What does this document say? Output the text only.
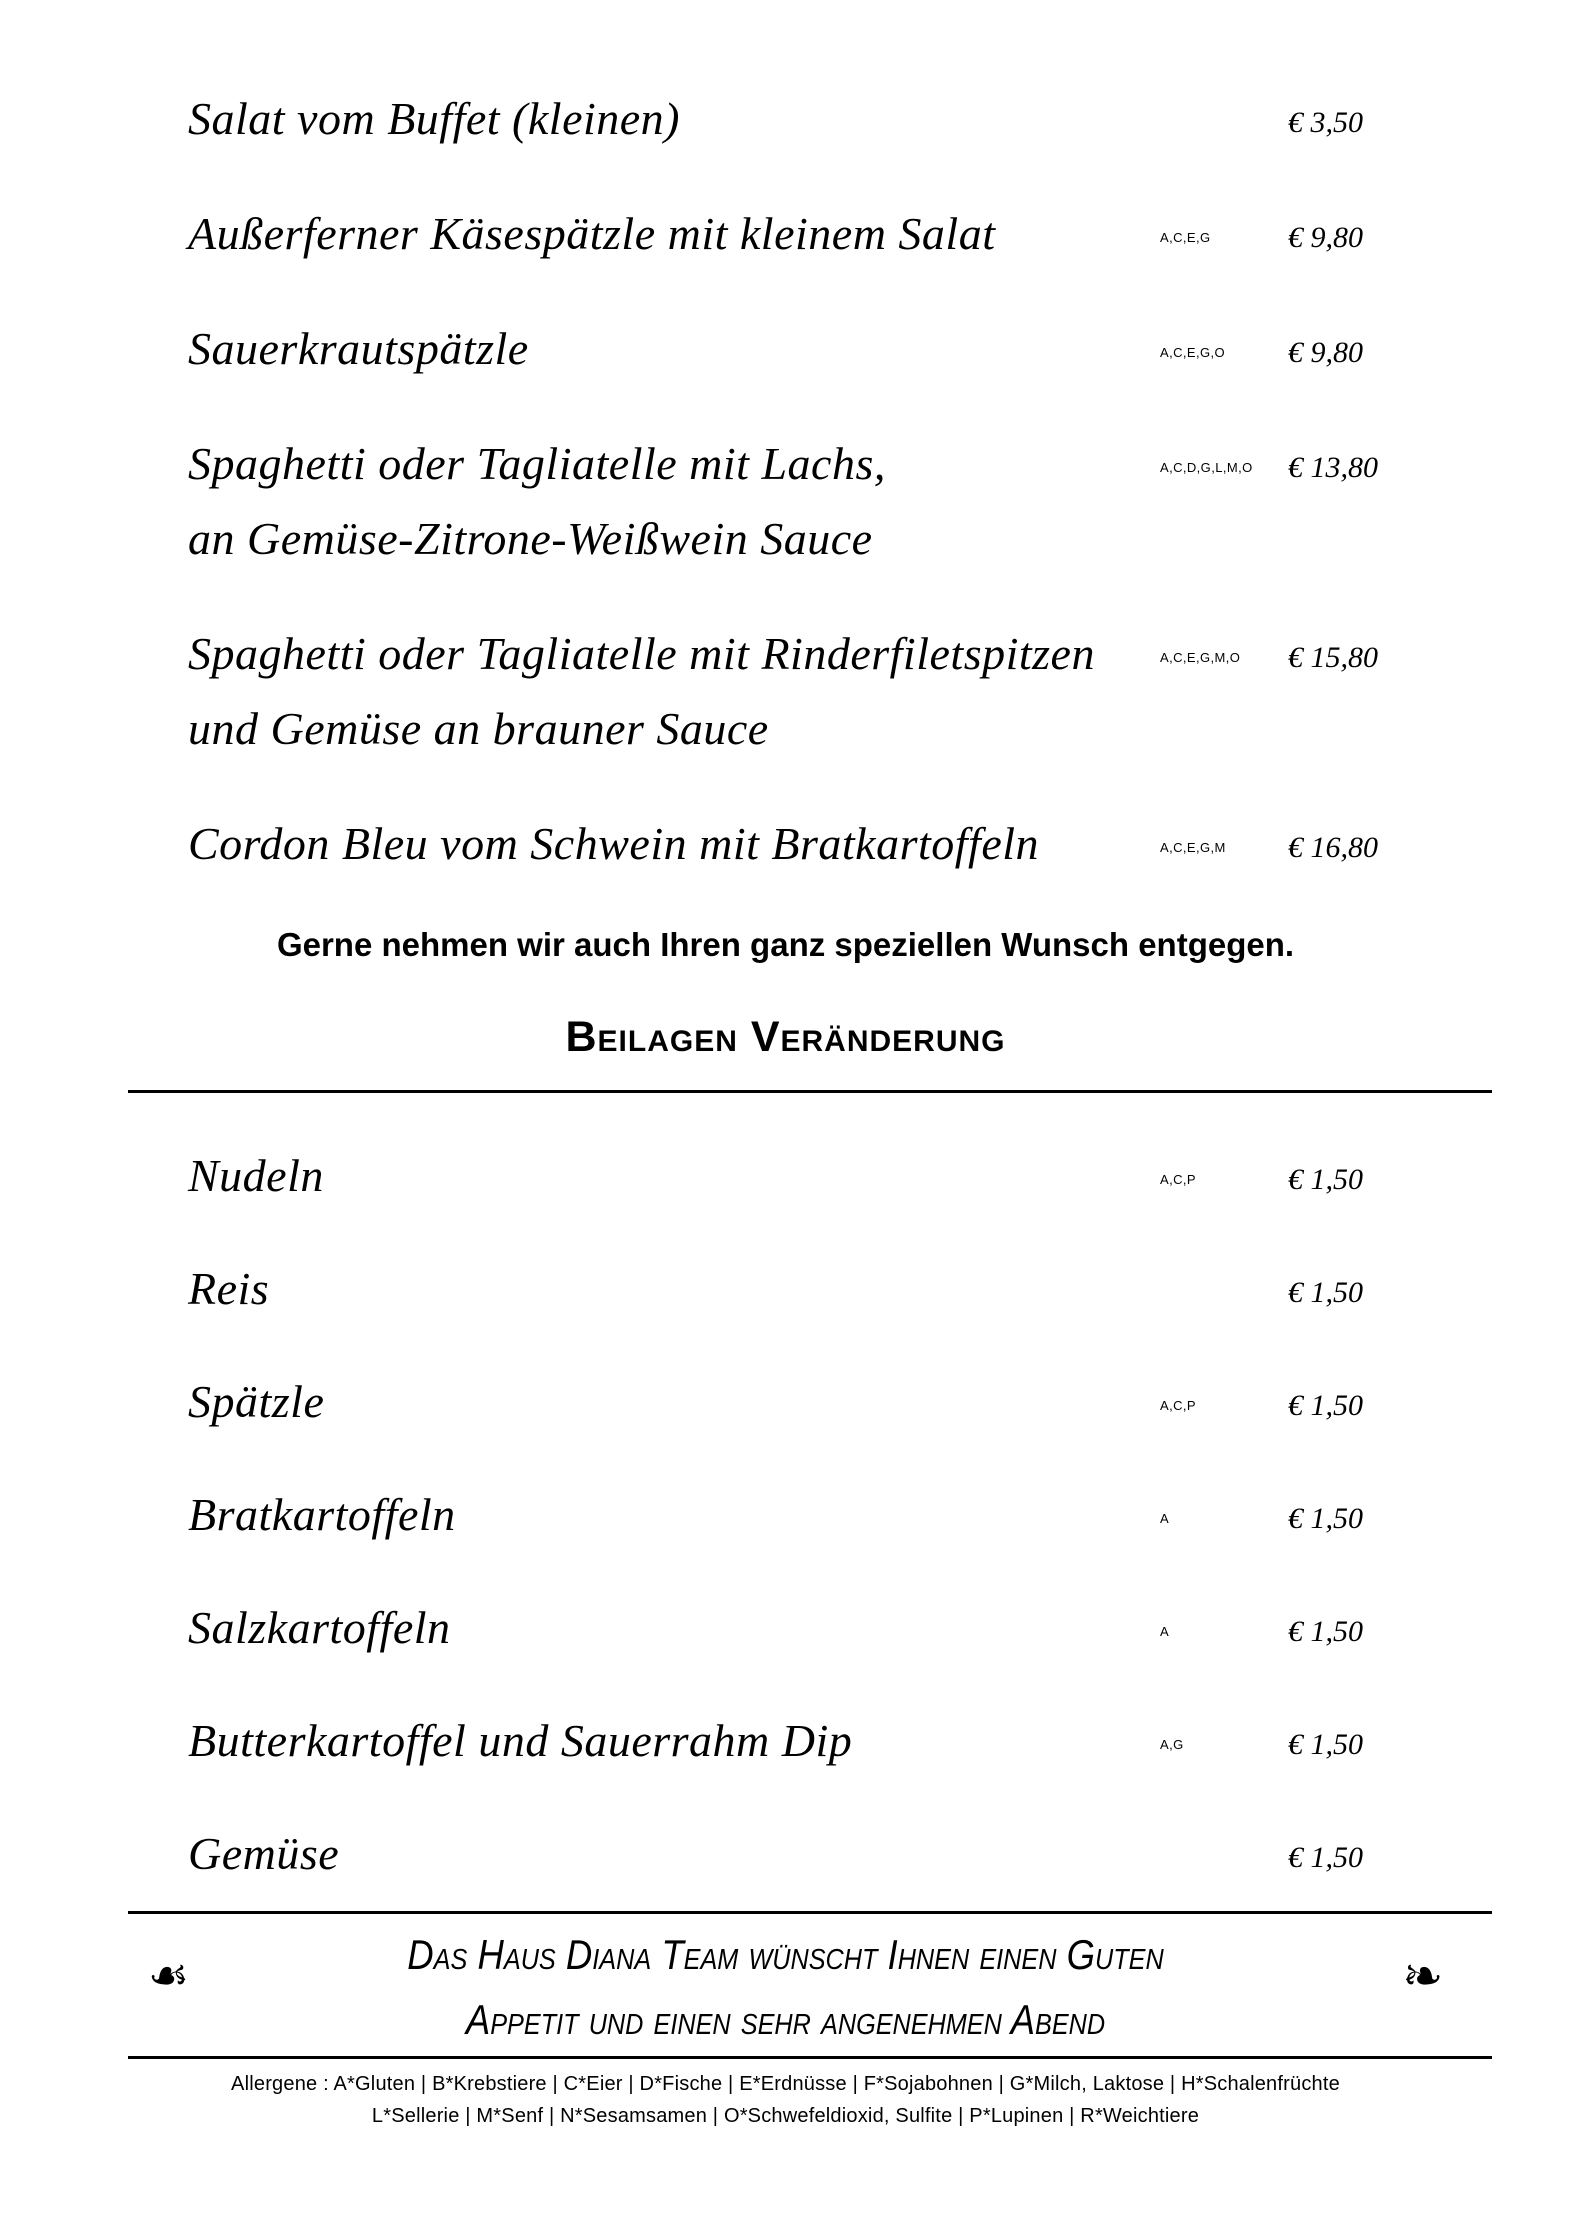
Salat vom Buffet (kleinen)	€ 3,50
Außerferner Käsespätzle mit kleinem Salat	A,C,E,G	€ 9,80
Sauerkrautspätzle	A,C,E,G,O € 9,80
Spaghetti oder Tagliatelle mit Lachs,
an Gemüse-Zitrone-Weißwein Sauce
A,C,D,G,L,M,O € 13,80
Spaghetti oder Tagliatelle mit Rinderfiletspitzen
und Gemüse an brauner Sauce
A,C,E,G,M,O € 15,80
Cordon Bleu vom Schwein mit Bratkartoffeln	A,C,E,G,M € 16,80
Gerne nehmen wir auch Ihren ganz speziellen Wunsch entgegen.
Beilagen Veränderung
Nudeln	A,C,P	€ 1,50
Reis	€ 1,50
Spätzle	A,C,P	€ 1,50
Bratkartoffeln	A	€ 1,50
Salzkartoffeln	A	€ 1,50
Butterkartoffel und Sauerrahm Dip	A,G	€ 1,50
Gemüse	€ 1,50
☙	☙
Das Haus Diana Team wünscht Ihnen einen Guten
Appetit und einen sehr angenehmen Abend
Allergene : A*Gluten | B*Krebstiere | C*Eier | D*Fische | E*Erdnüsse | F*Sojabohnen | G*Milch, Laktose | H*Schalenfrüchte
L*Sellerie | M*Senf | N*Sesamsamen | O*Schwefeldioxid, Sulfite | P*Lupinen | R*Weichtiere
